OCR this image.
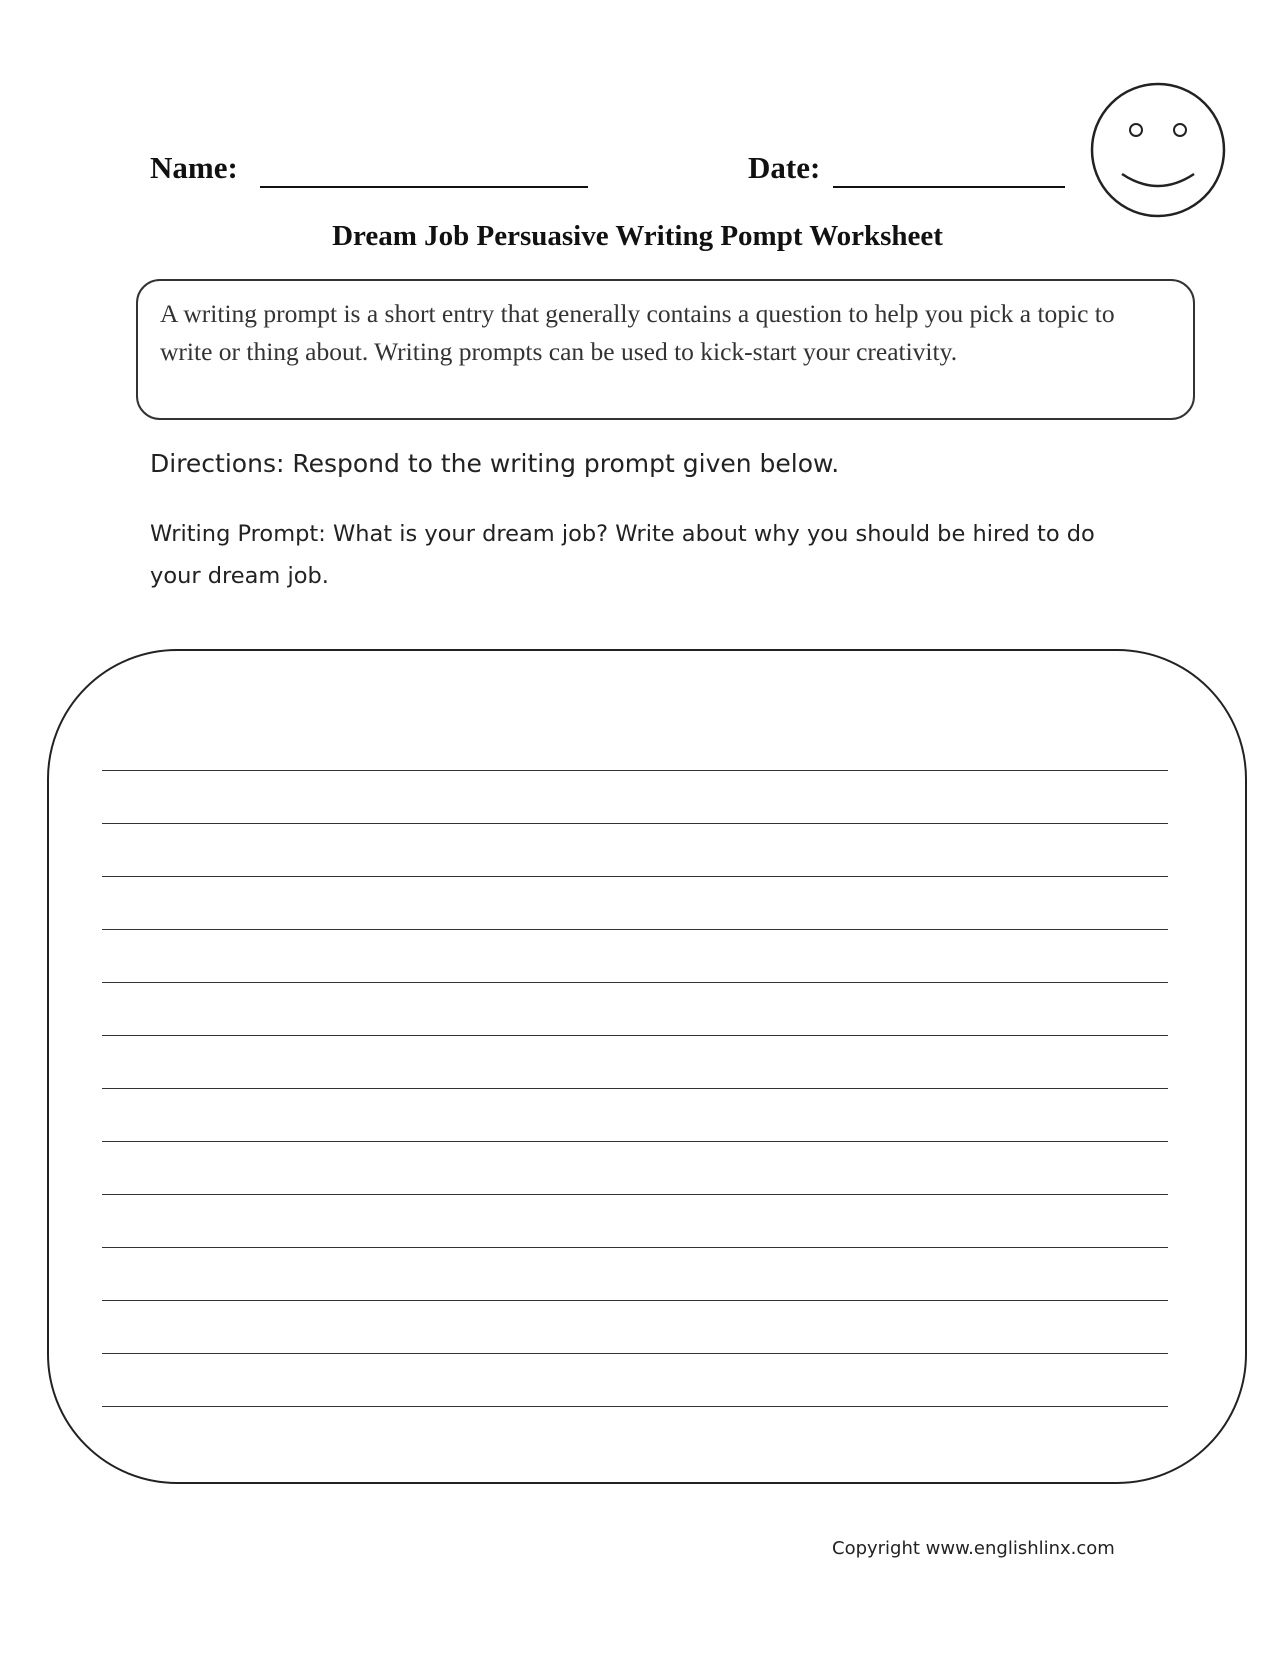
Name:	Date:
Dream Job Persuasive Writing Pompt Worksheet

A writing prompt is a short entry that generally contains a question to help you pick a topic to write or thing about. Writing prompts can be used to kick-start your creativity.

Directions: Respond to the writing prompt given below.
Writing Prompt: What is your dream job? Write about why you should be hired to do your dream job.
Copyright www.englishlinx.com
